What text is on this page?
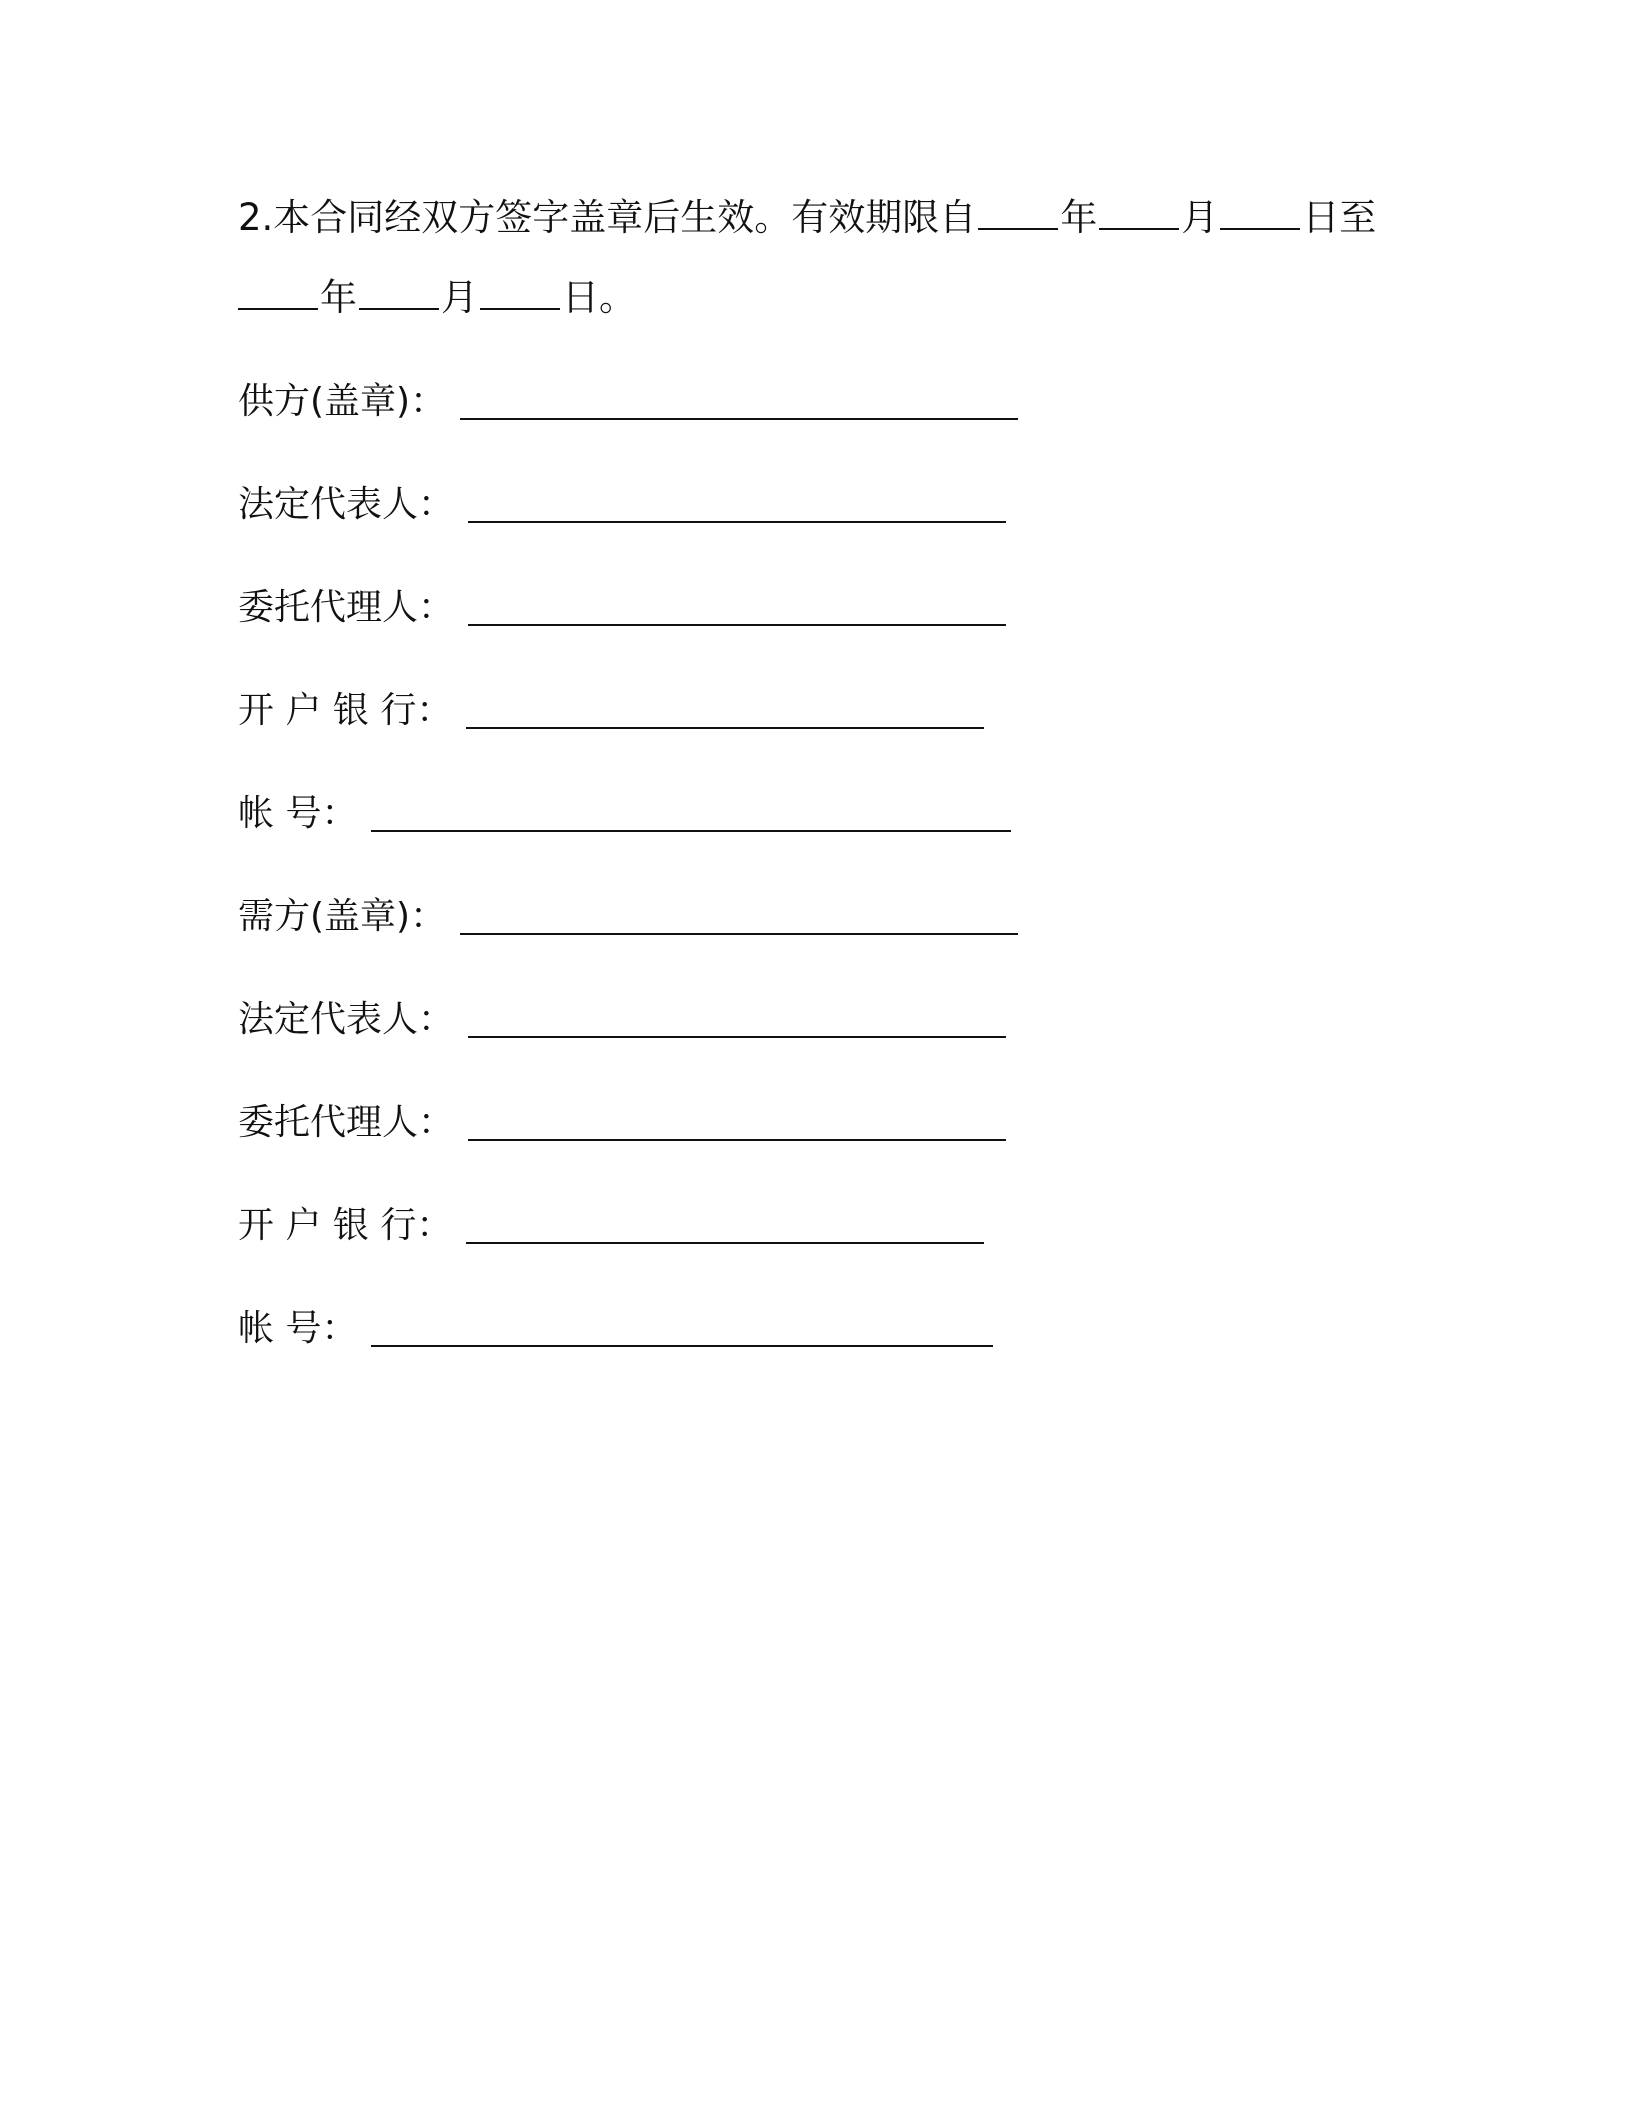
2.本合同经双方签字盖章后生效。有效期限自 年 月 日至
年 月 日。
供方(盖章)：
法定代表人：
委托代理人：
开 户 银 行：
帐 号：
需方(盖章)：
法定代表人：
委托代理人：
开 户 银 行：
帐 号：
